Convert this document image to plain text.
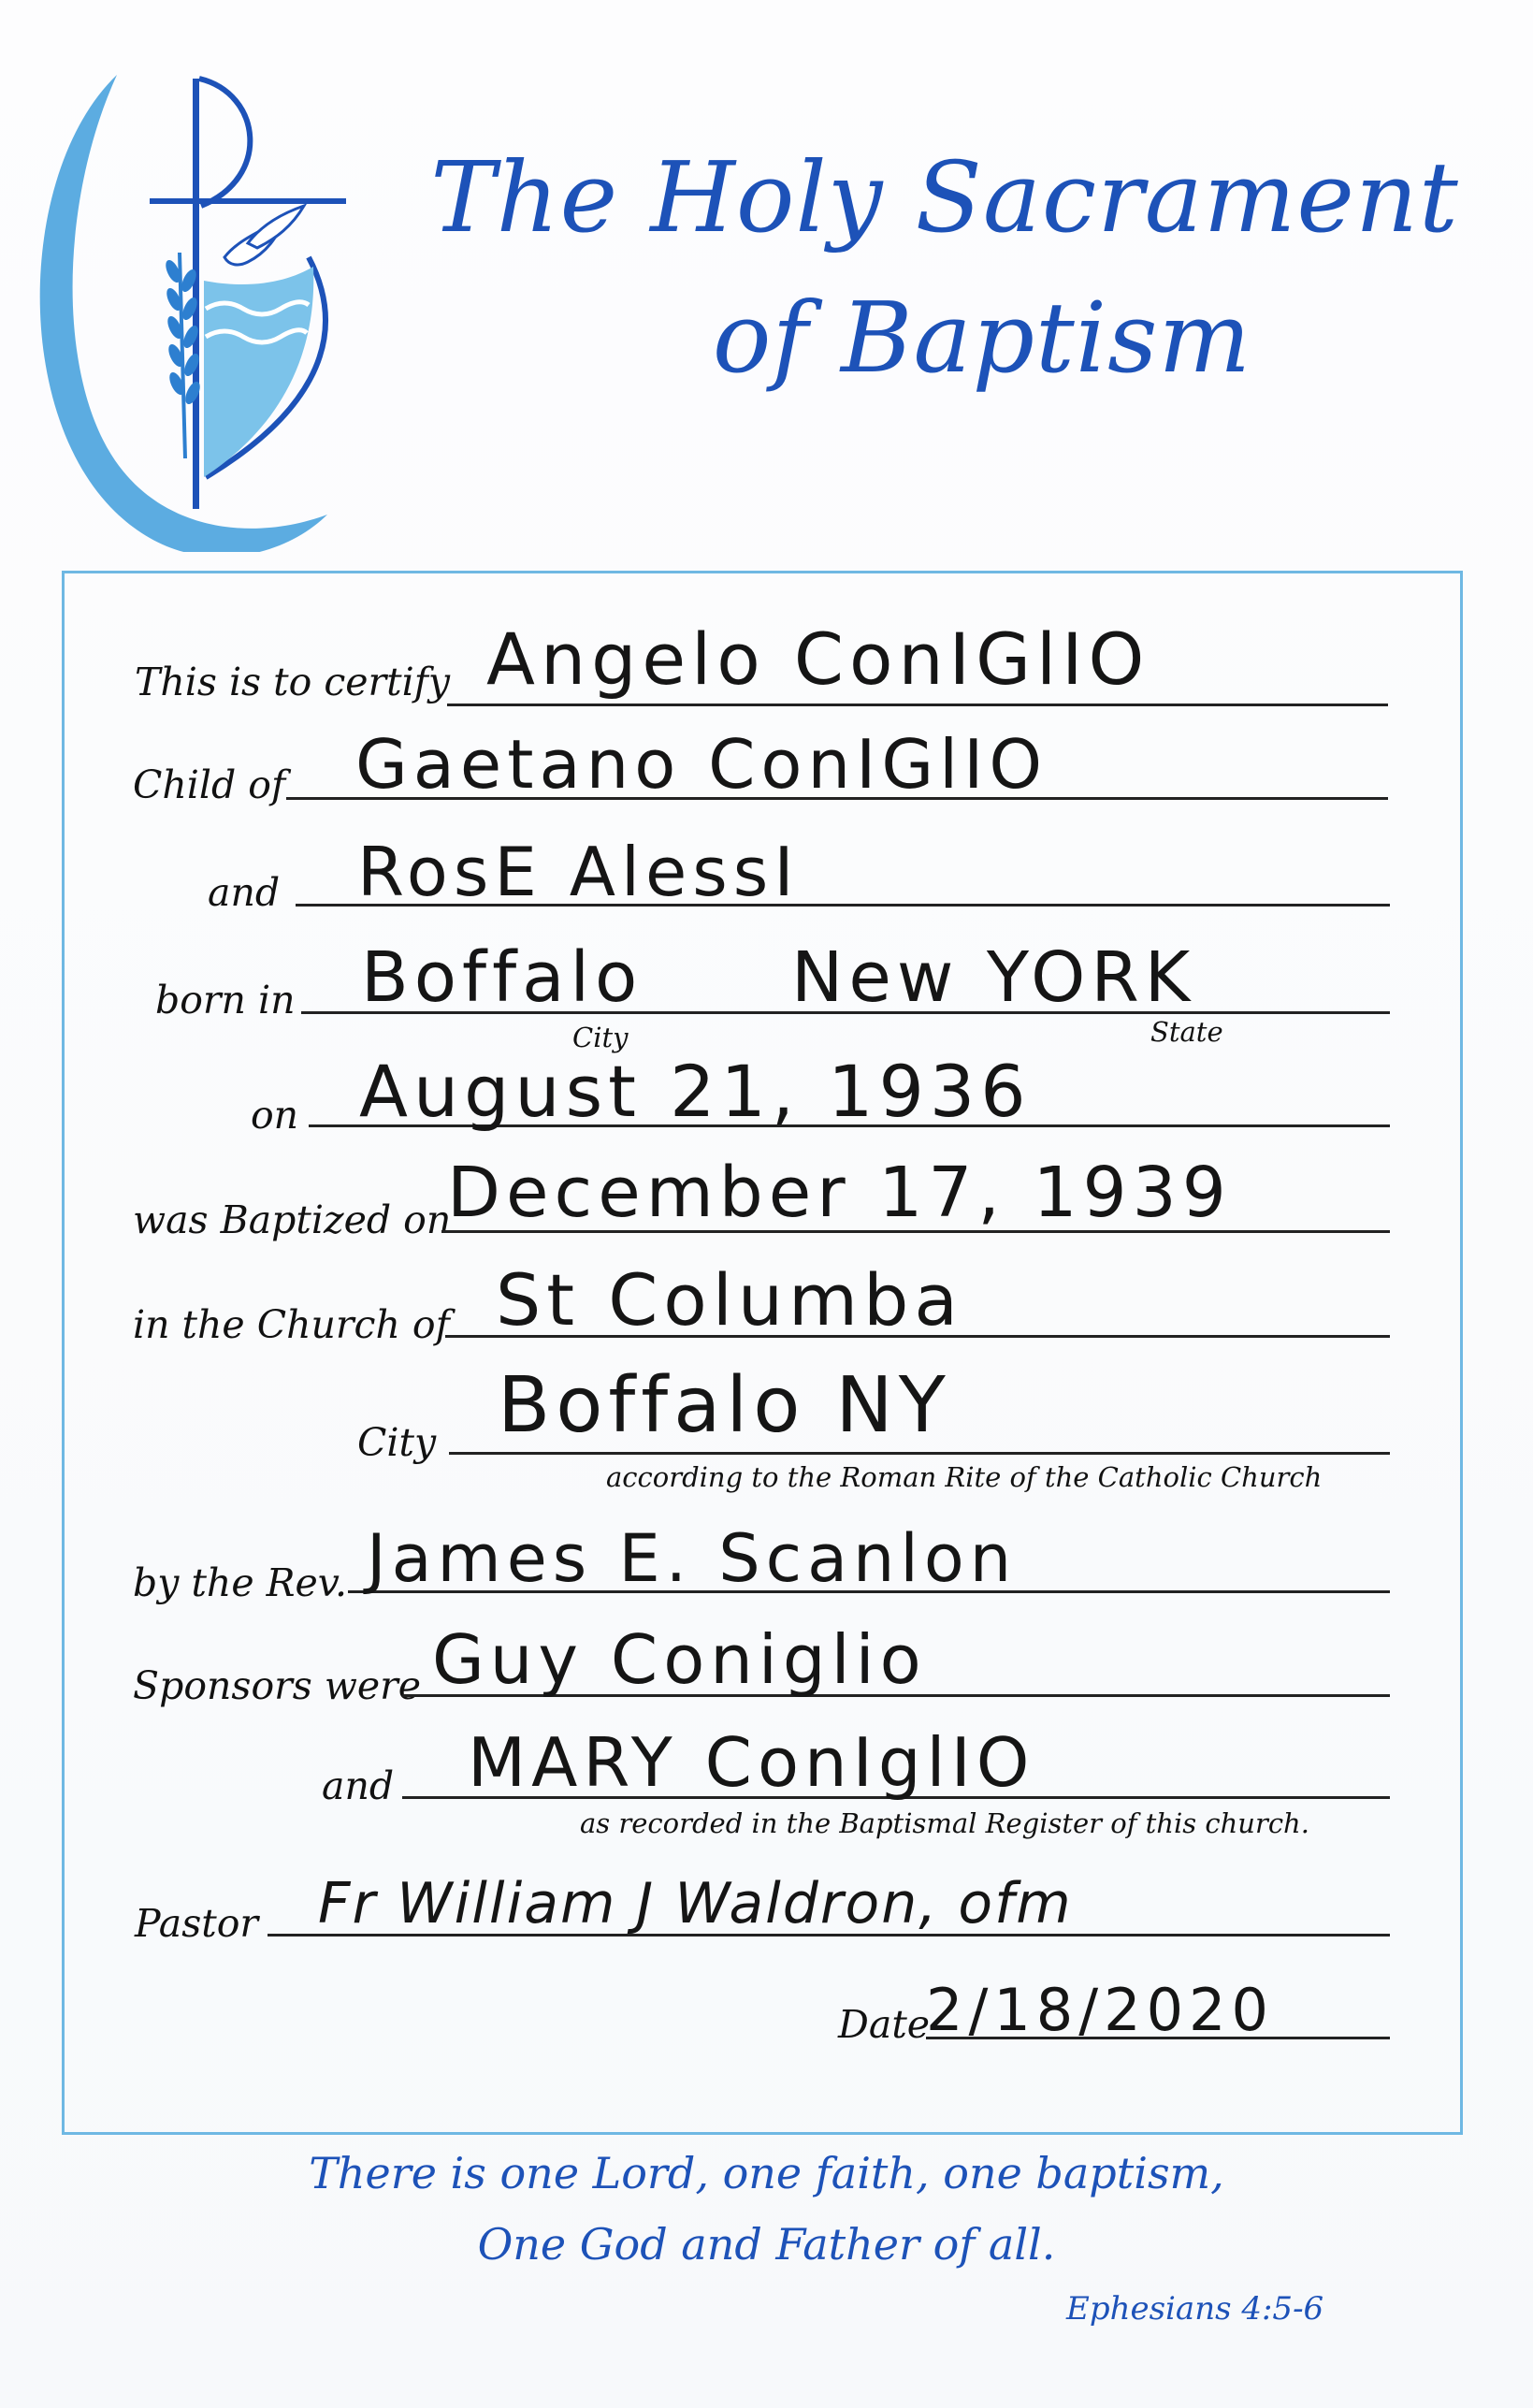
The Holy Sacrament
of Baptism
This is to certify Angelo ConIGlIO
Child of Gaetano ConIGlIO
and RosE AlessI
born in Boffalo New YORK
City	State
on August 21, 1936
was Baptized on
December 17, 1939
in the Church of St Columba
City Boffalo NY
according to the Roman Rite of the Catholic Church
by the Rev. James E. Scanlon
Sponsors were Guy Coniglio
and MARY ConIglIO
as recorded in the Baptismal Register of this church.
Pastor Fr William J Waldron, ofm
Date
2/18/2020
There is one Lord, one faith, one baptism,
One God and Father of all.
Ephesians 4:5-6
